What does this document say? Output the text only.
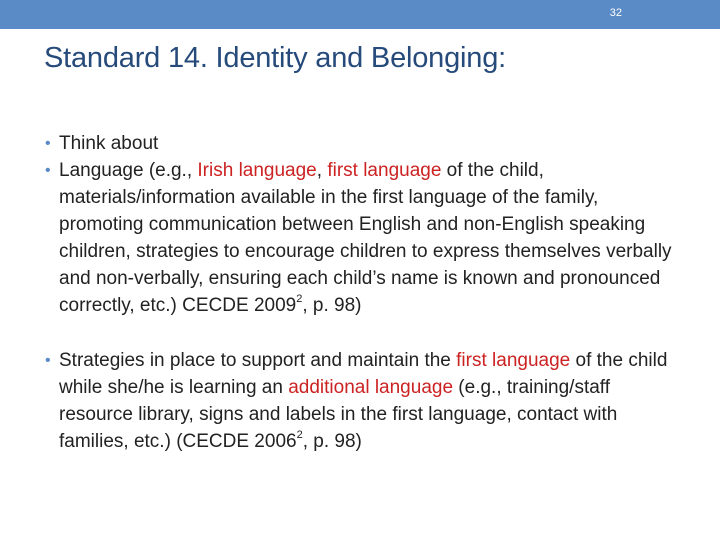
32
Standard 14. Identity and Belonging:
• Think about
• Language (e.g., Irish language, first language of the child, materials/information available in the first language of the family, promoting communication between English and non-English speaking children, strategies to encourage children to express themselves verbally and non-verbally, ensuring each child’s name is known and pronounced correctly, etc.) CECDE 2009$^2$, p. 98)
• Strategies in place to support and maintain the first language of the child while she/he is learning an additional language (e.g., training/staff resource library, signs and labels in the first language, contact with families, etc.) (CECDE 2006$^2$, p. 98)
